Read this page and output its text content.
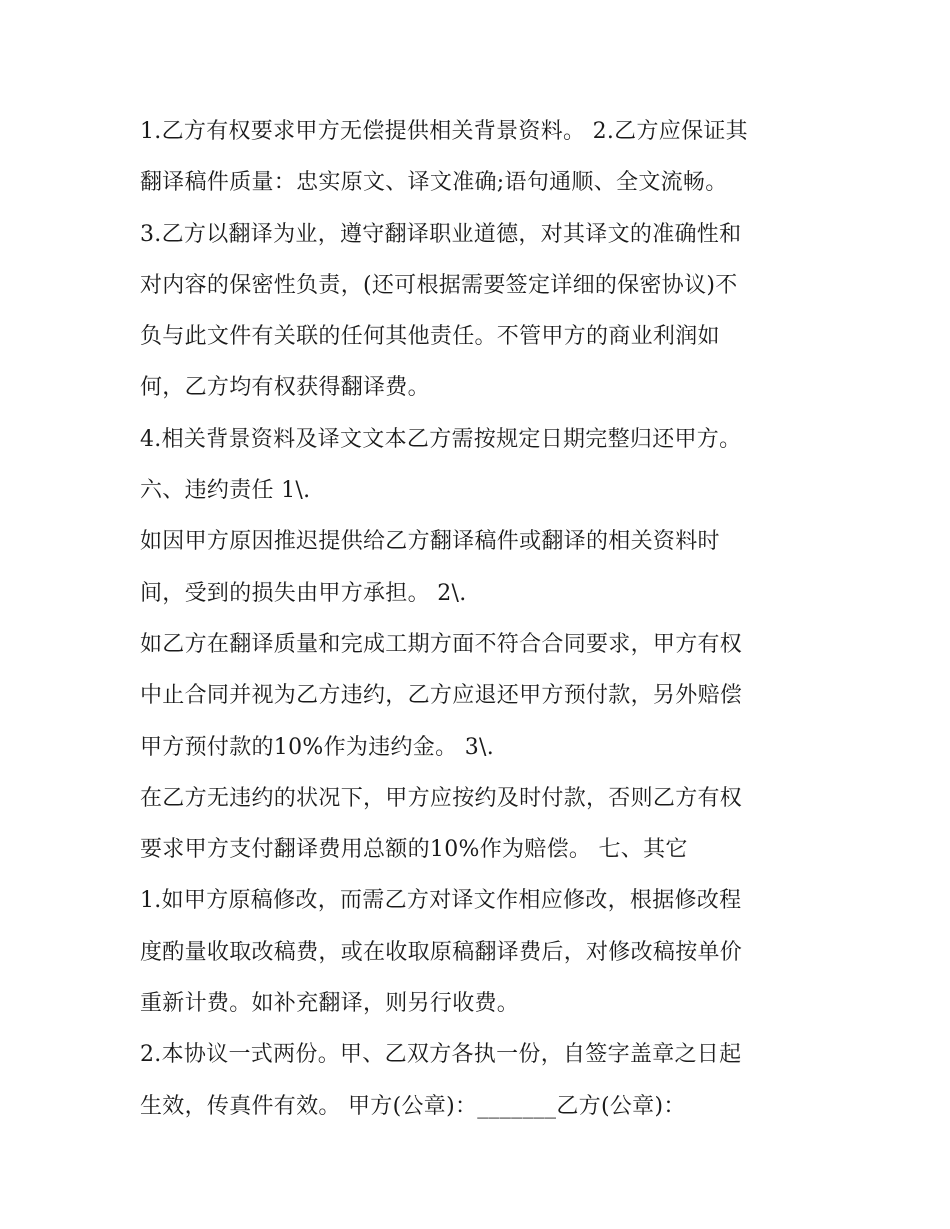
1.乙方有权要求甲方无偿提供相关背景资料。 2.乙方应保证其
翻译稿件质量：忠实原文、译文准确;语句通顺、全文流畅。
3.乙方以翻译为业，遵守翻译职业道德，对其译文的准确性和
对内容的保密性负责，(还可根据需要签定详细的保密协议)不
负与此文件有关联的任何其他责任。不管甲方的商业利润如
何，乙方均有权获得翻译费。
4.相关背景资料及译文文本乙方需按规定日期完整归还甲方。
六、违约责任 1\.
如因甲方原因推迟提供给乙方翻译稿件或翻译的相关资料时
间，受到的损失由甲方承担。 2\.
如乙方在翻译质量和完成工期方面不符合合同要求，甲方有权
中止合同并视为乙方违约，乙方应退还甲方预付款，另外赔偿
甲方预付款的10%作为违约金。 3\.
在乙方无违约的状况下，甲方应按约及时付款，否则乙方有权
要求甲方支付翻译费用总额的10%作为赔偿。 七、其它
1.如甲方原稿修改，而需乙方对译文作相应修改，根据修改程
度酌量收取改稿费，或在收取原稿翻译费后，对修改稿按单价
重新计费。如补充翻译，则另行收费。
2.本协议一式两份。甲、乙双方各执一份，自签字盖章之日起
生效，传真件有效。 甲方(公章)：_______乙方(公章)：
